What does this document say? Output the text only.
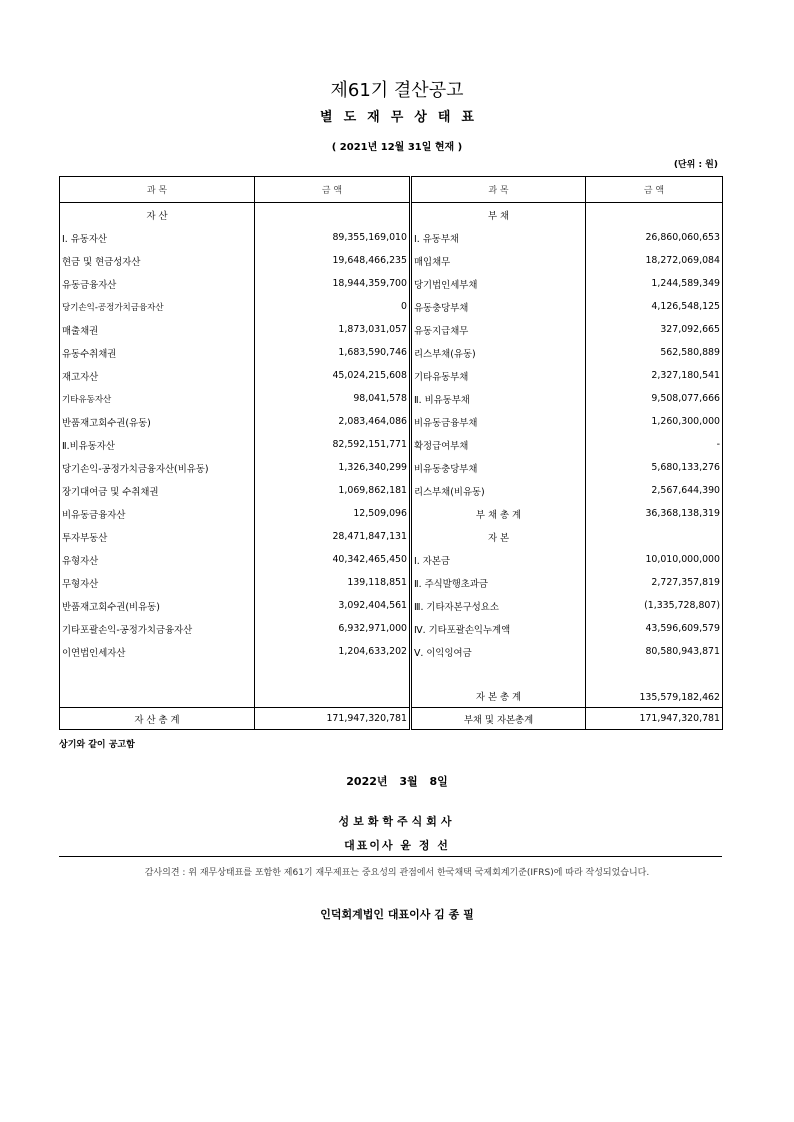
제61기 결산공고
별도재무상태표
( 2021년 12월 31일 현재 )
(단위 : 원)
과 목	금 액	과 목	금 액
자 산		부 채	
Ⅰ. 유동자산	89,355,169,010	Ⅰ. 유동부채	26,860,060,653
현금 및 현금성자산	19,648,466,235	매입채무	18,272,069,084
유동금융자산	18,944,359,700	당기법인세부채	1,244,589,349
당기손익-공정가치금융자산	0	유동충당부채	4,126,548,125
매출채권	1,873,031,057	유동지급채무	327,092,665
유동수취채권	1,683,590,746	리스부채(유동)	562,580,889
재고자산	45,024,215,608	기타유동부채	2,327,180,541
기타유동자산	98,041,578	Ⅱ. 비유동부채	9,508,077,666
반품재고회수권(유동)	2,083,464,086	비유동금융부채	1,260,300,000
Ⅱ.비유동자산	82,592,151,771	확정급여부채	-
당기손익-공정가치금융자산(비유동)	1,326,340,299	비유동충당부채	5,680,133,276
장기대여금 및 수취채권	1,069,862,181	리스부채(비유동)	2,567,644,390
비유동금융자산	12,509,096	부 채 총 계	36,368,138,319
투자부동산	28,471,847,131	자 본	
유형자산	40,342,465,450	Ⅰ. 자본금	10,010,000,000
무형자산	139,118,851	Ⅱ. 주식발행초과금	2,727,357,819
반품재고회수권(비유동)	3,092,404,561	Ⅲ. 기타자본구성요소	(1,335,728,807)
기타포괄손익-공정가치금융자산	6,932,971,000	Ⅳ. 기타포괄손익누계액	43,596,609,579
이연법인세자산	1,204,633,202	Ⅴ. 이익잉여금	80,580,943,871
		자 본 총 계	135,579,182,462
자 산 총 계	171,947,320,781	부채 및 자본총계	171,947,320,781
상기와 같이 공고함
2022년 3월 8일
성보화학주식회사
대표이사 윤 정 선
감사의견 : 위 재무상태표를 포함한 제61기 재무제표는 중요성의 관점에서 한국채택 국제회계기준(IFRS)에 따라 작성되었습니다.
인덕회계법인 대표이사 김 종 필
